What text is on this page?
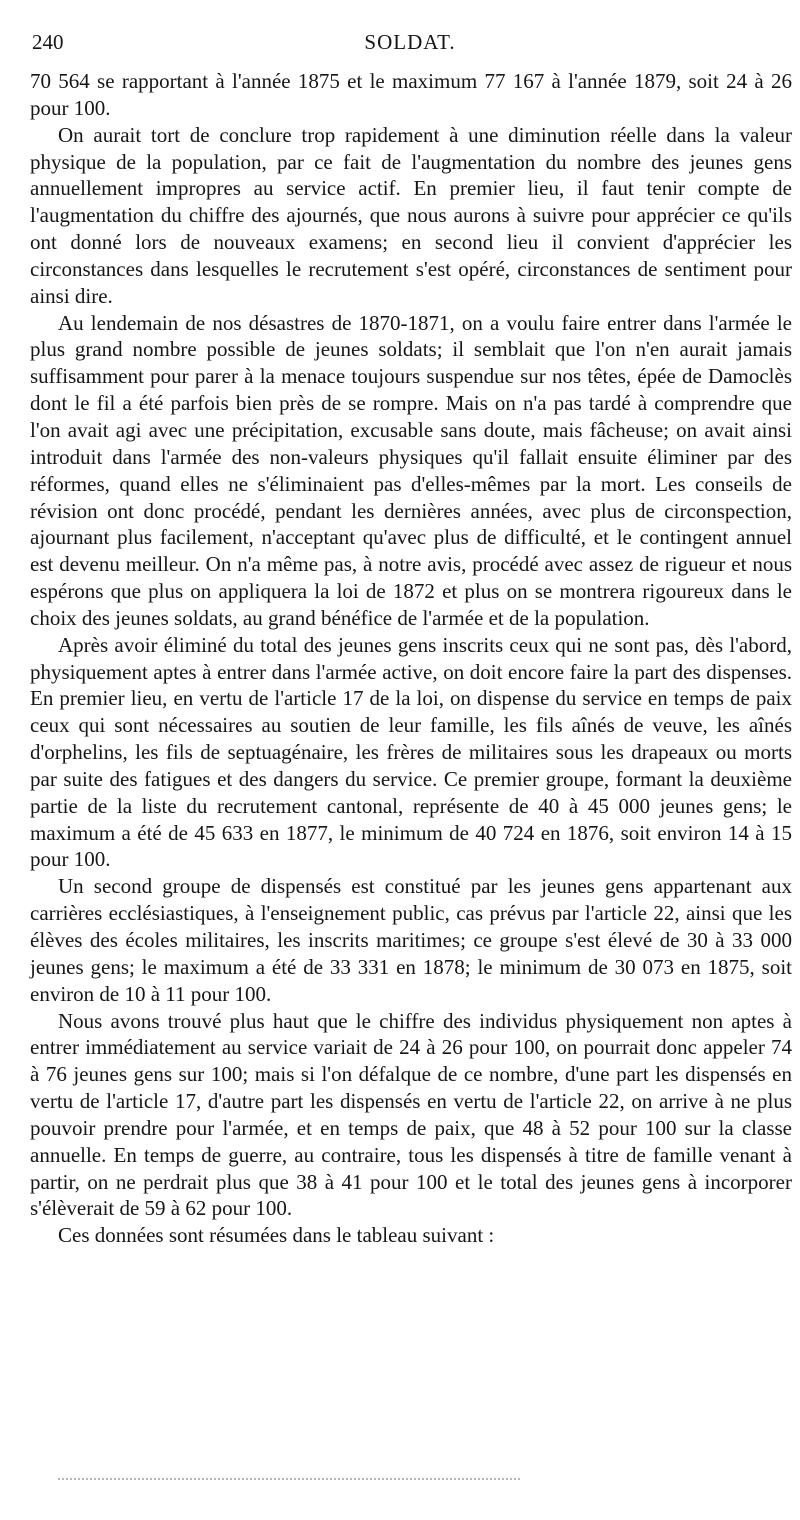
240	SOLDAT.

70 564 se rapportant à l'année 1875 et le maximum 77 167 à l'année 1879, soit 24 à 26 pour 100.

On aurait tort de conclure trop rapidement à une diminution réelle dans la valeur physique de la population, par ce fait de l'augmentation du nombre des jeunes gens annuellement impropres au service actif. En premier lieu, il faut tenir compte de l'augmentation du chiffre des ajournés, que nous aurons à suivre pour apprécier ce qu'ils ont donné lors de nouveaux examens; en second lieu il convient d'apprécier les circonstances dans lesquelles le recrutement s'est opéré, circonstances de sentiment pour ainsi dire.

Au lendemain de nos désastres de 1870-1871, on a voulu faire entrer dans l'armée le plus grand nombre possible de jeunes soldats; il semblait que l'on n'en aurait jamais suffisamment pour parer à la menace toujours suspendue sur nos têtes, épée de Damoclès dont le fil a été parfois bien près de se rompre. Mais on n'a pas tardé à comprendre que l'on avait agi avec une précipitation, excusable sans doute, mais fâcheuse; on avait ainsi introduit dans l'armée des non-valeurs physiques qu'il fallait ensuite éliminer par des réformes, quand elles ne s'éliminaient pas d'elles-mêmes par la mort. Les conseils de révision ont donc procédé, pendant les dernières années, avec plus de circonspection, ajournant plus facilement, n'acceptant qu'avec plus de difficulté, et le contingent annuel est devenu meilleur. On n'a même pas, à notre avis, procédé avec assez de rigueur et nous espérons que plus on appliquera la loi de 1872 et plus on se montrera rigoureux dans le choix des jeunes soldats, au grand bénéfice de l'armée et de la population.

Après avoir éliminé du total des jeunes gens inscrits ceux qui ne sont pas, dès l'abord, physiquement aptes à entrer dans l'armée active, on doit encore faire la part des dispenses. En premier lieu, en vertu de l'article 17 de la loi, on dispense du service en temps de paix ceux qui sont nécessaires au soutien de leur famille, les fils aînés de veuve, les aînés d'orphelins, les fils de septuagénaire, les frères de militaires sous les drapeaux ou morts par suite des fatigues et des dangers du service. Ce premier groupe, formant la deuxième partie de la liste du recrutement cantonal, représente de 40 à 45 000 jeunes gens; le maximum a été de 45 633 en 1877, le minimum de 40 724 en 1876, soit environ 14 à 15 pour 100.

Un second groupe de dispensés est constitué par les jeunes gens appartenant aux carrières ecclésiastiques, à l'enseignement public, cas prévus par l'article 22, ainsi que les élèves des écoles militaires, les inscrits maritimes; ce groupe s'est élevé de 30 à 33 000 jeunes gens; le maximum a été de 33 331 en 1878; le minimum de 30 073 en 1875, soit environ de 10 à 11 pour 100.

Nous avons trouvé plus haut que le chiffre des individus physiquement non aptes à entrer immédiatement au service variait de 24 à 26 pour 100, on pourrait donc appeler 74 à 76 jeunes gens sur 100; mais si l'on défalque de ce nombre, d'une part les dispensés en vertu de l'article 17, d'autre part les dispensés en vertu de l'article 22, on arrive à ne plus pouvoir prendre pour l'armée, et en temps de paix, que 48 à 52 pour 100 sur la classe annuelle. En temps de guerre, au contraire, tous les dispensés à titre de famille venant à partir, on ne perdrait plus que 38 à 41 pour 100 et le total des jeunes gens à incorporer s'élèverait de 59 à 62 pour 100.

Ces données sont résumées dans le tableau suivant :
